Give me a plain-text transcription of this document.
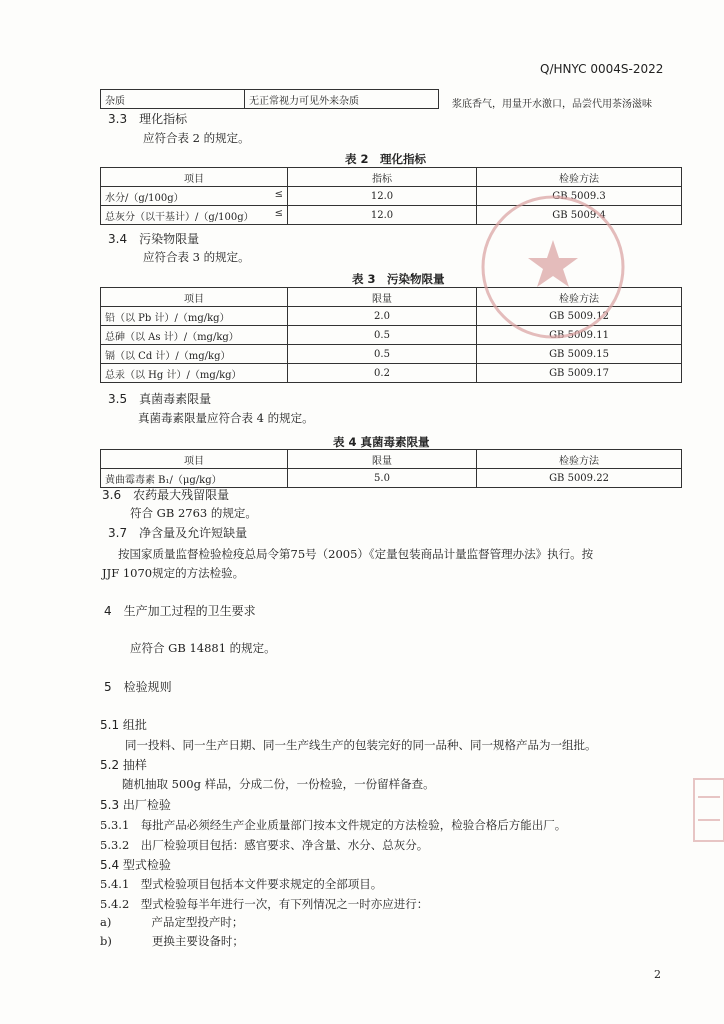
Q/HNYC 0004S-2022
杂质	无正常视力可见外来杂质	浆底香气，用量开水激口，品尝代用茶汤滋味
3.3　 理化指标
应符合表 2 的规定。
表 2　理化指标
项目	指标	检验方法
水分/（g/100g） ≤	12.0	GB 5009.3
总灰分（以干基计）/（g/100g） ≤	12.0	GB 5009.4
3.4　 污染物限量
应符合表 3 的规定。
表 3　污染物限量
项目	限量	检验方法
铅（以 Pb 计）/（mg/kg）	2.0	GB 5009.12
总砷（以 As 计）/（mg/kg）	0.5	GB 5009.11
镉（以 Cd 计）/（mg/kg）	0.5	GB 5009.15
总汞（以 Hg 计）/（mg/kg）	0.2	GB 5009.17
3.5　 真菌毒素限量
真菌毒素限量应符合表 4 的规定。
表 4 真菌毒素限量
项目	限量	检验方法
黄曲霉毒素 B₁/（μg/kg）	5.0	GB 5009.22
3.6　 农药最大残留限量
符合 GB 2763 的规定。
3.7　 净含量及允许短缺量
按国家质量监督检验检疫总局令第75号（2005）《定量包装商品计量监督管理办法》执行。按
JJF 1070规定的方法检验。
4　 生产加工过程的卫生要求
应符合 GB 14881 的规定。
5　 检验规则
5.1 组批
同一投料、同一生产日期、同一生产线生产的包装完好的同一品种、同一规格产品为一组批。
5.2 抽样
随机抽取 500g 样品，分成二份，一份检验，一份留样备查。
5.3 出厂检验
5.3.1　 每批产品必须经生产企业质量部门按本文件规定的方法检验，检验合格后方能出厂。
5.3.2　 出厂检验项目包括：感官要求、净含量、水分、总灰分。
5.4 型式检验
5.4.1　 型式检验项目包括本文件要求规定的全部项目。
5.4.2　 型式检验每半年进行一次，有下列情况之一时亦应进行：
a)	产品定型投产时；
b)	更换主要设备时；
2
